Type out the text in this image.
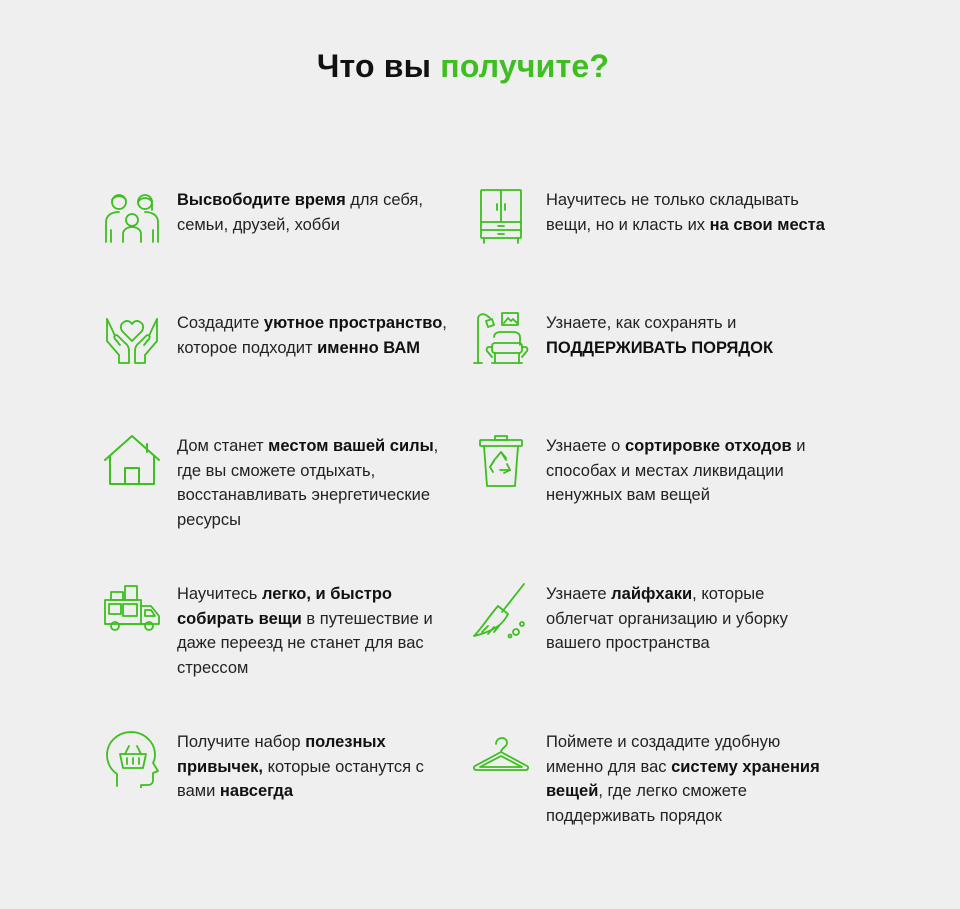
Что вы получите?
Высвободите время для себя, семьи, друзей, хобби
Научитесь не только складывать вещи, но и класть их на свои места
Создадите уютное пространство, которое подходит именно ВАМ
Узнаете, как сохранять и ПОДДЕРЖИВАТЬ ПОРЯДОК
Дом станет местом вашей силы, где вы сможете отдыхать, восстанавливать энергетические ресурсы
Узнаете о сортировке отходов и способах и местах ликвидации ненужных вам вещей
Научитесь легко, и быстро собирать вещи в путешествие и даже переезд не станет для вас стрессом
Узнаете лайфхаки, которые облегчат организацию и уборку вашего пространства
Получите набор полезных привычек, которые останутся с вами навсегда
Поймете и создадите удобную именно для вас систему хранения вещей, где легко сможете поддерживать порядок
